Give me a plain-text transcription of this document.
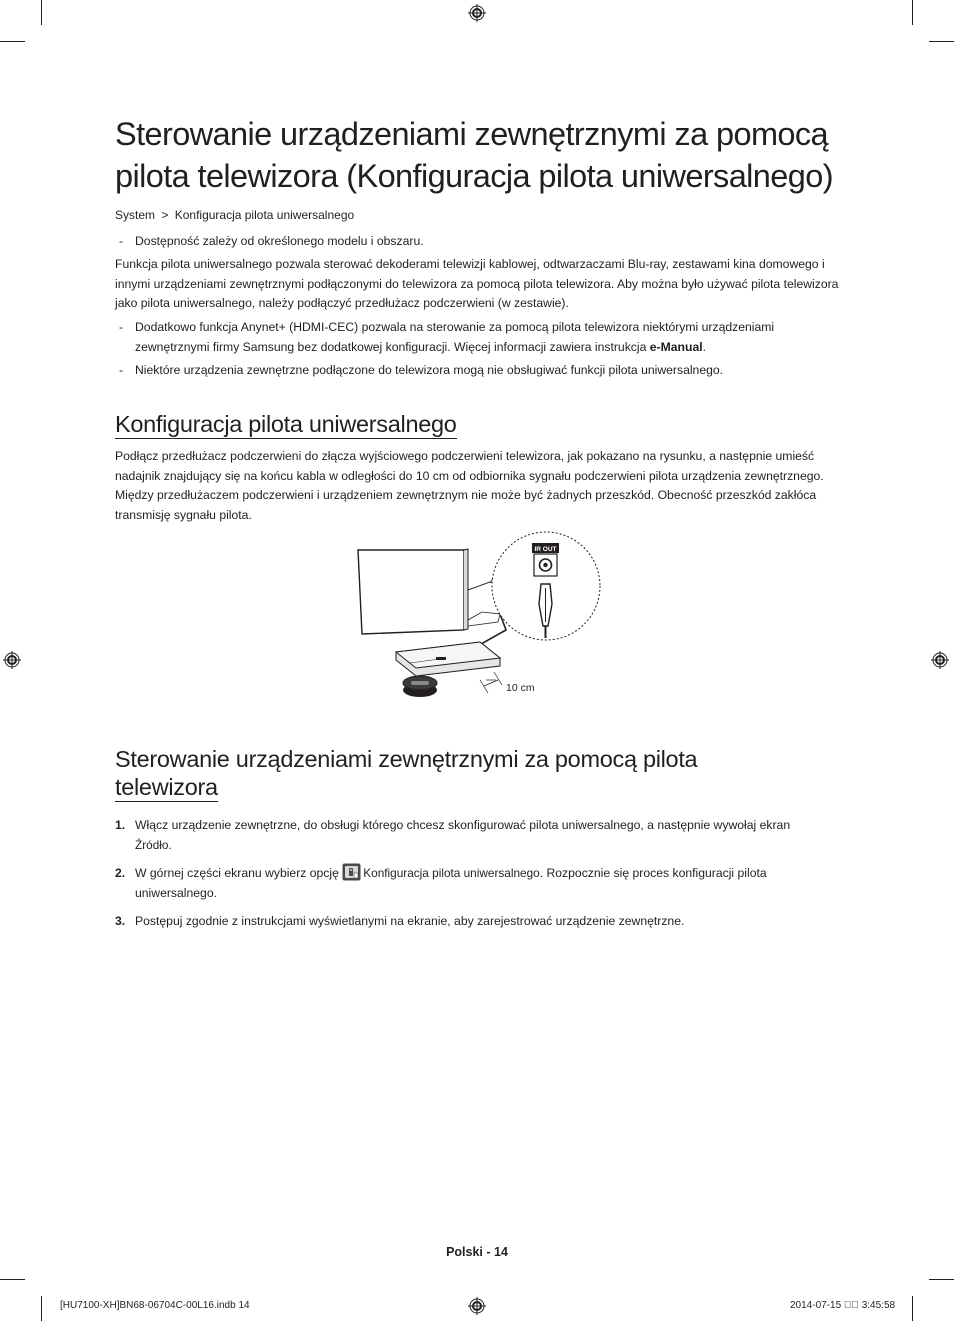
Sterowanie urządzeniami zewnętrznymi za pomocą pilota telewizora (Konfiguracja pilota uniwersalnego)
System > Konfiguracja pilota uniwersalnego
- Dostępność zależy od określonego modelu i obszaru.

Funkcja pilota uniwersalnego pozwala sterować dekoderami telewizji kablowej, odtwarzaczami Blu-ray, zestawami kina domowego i innymi urządzeniami zewnętrznymi podłączonymi do telewizora za pomocą pilota telewizora. Aby można było używać pilota telewizora jako pilota uniwersalnego, należy podłączyć przedłużacz podczerwieni (w zestawie).

- Dodatkowo funkcja Anynet+ (HDMI-CEC) pozwala na sterowanie za pomocą pilota telewizora niektórymi urządzeniami zewnętrznymi firmy Samsung bez dodatkowej konfiguracji. Więcej informacji zawiera instrukcja e-Manual.
- Niektóre urządzenia zewnętrzne podłączone do telewizora mogą nie obsługiwać funkcji pilota uniwersalnego.
Konfiguracja pilota uniwersalnego

Podłącz przedłużacz podczerwieni do złącza wyjściowego podczerwieni telewizora, jak pokazano na rysunku, a następnie umieść nadajnik znajdujący się na końcu kabla w odległości do 10 cm od odbiornika sygnału podczerwieni pilota urządzenia zewnętrznego. Między przedłużaczem podczerwieni i urządzeniem zewnętrznym nie może być żadnych przeszkód. Obecność przeszkód zakłóca transmisję sygnału pilota.

IR OUT
10 cm
Sterowanie urządzeniami zewnętrznymi za pomocą pilota
telewizora
1. Włącz urządzenie zewnętrzne, do obsługi którego chcesz skonfigurować pilota uniwersalnego, a następnie wywołaj ekran
Źródło.
2. W górnej części ekranu wybierz opcję Konfiguracja pilota uniwersalnego. Rozpocznie się proces konfiguracji pilota uniwersalnego.
3. Postępuj zgodnie z instrukcjami wyświetlanymi na ekranie, aby zarejestrować urządzenie zewnętrzne.
Polski - 14
[HU7100-XH]BN68-06704C-00L16.indb 14	2014-07-15 ￿￿ 3:45:58
